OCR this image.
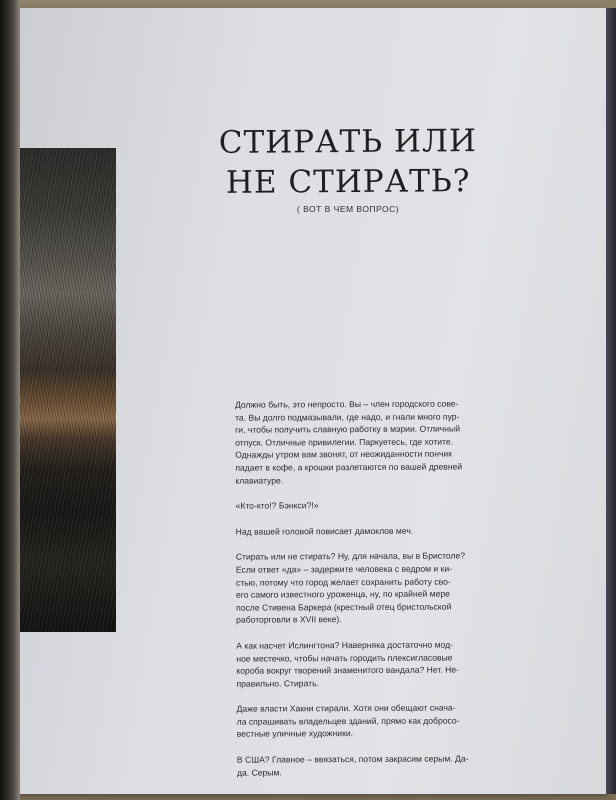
СТИРАТЬ ИЛИ
НЕ СТИРАТЬ?
( ВОТ В ЧЕМ ВОПРОС)

Должно быть, это непросто. Вы – член городского сове-
та. Вы долго подмазывали, где надо, и гнали много пур-
ги, чтобы получить славную работку в мэрии. Отличный
отпуск. Отличные привилегии. Паркуетесь, где хотите.
Однажды утром вам звонят, от неожиданности пончик
падает в кофе, а крошки разлетаются по вашей древней
клавиатуре.

«Кто-кто!? Бэнкси?!»

Над вашей головой повисает дамоклов меч.

Стирать или не стирать? Ну, для начала, вы в Бристоле?
Если ответ «да» – задержите человека с ведром и ки-
стью, потому что город желает сохранить работу сво-
его самого известного уроженца, ну, по крайней мере
после Стивена Баркера (крестный отец бристольской
работорговли в XVII веке).

А как насчет Ислингтона? Наверняка достаточно мод-
ное местечко, чтобы начать городить плексигласовые
короба вокруг творений знаменитого вандала? Нет. Не-
правильно. Стирать.

Даже власти Хакни стирали. Хотя они обещают снача-
ла спрашивать владельцев зданий, прямо как доброcо-
вестные уличные художники.

В США? Главное – ввязаться, потом закрасим серым. Да-
да. Серым.
